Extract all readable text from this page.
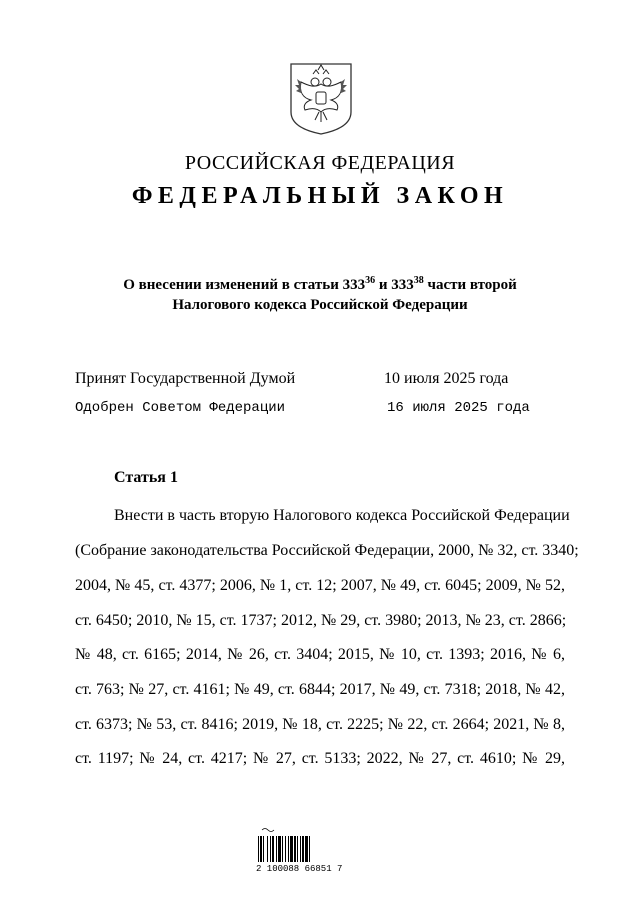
РОССИЙСКАЯ ФЕДЕРАЦИЯ
ФЕДЕРАЛЬНЫЙ ЗАКОН
О внесении изменений в статьи $333^{36}$ и $333^{38}$ части второй
Налогового кодекса Российской Федерации
Принят Государственной Думой	10 июля 2025 года
Одобрен Советом Федерации	16 июля 2025 года
Статья 1
Внести в часть вторую Налогового кодекса Российской Федерации
(Собрание законодательства Российской Федерации, 2000, № 32, ст. 3340;
2004, № 45, ст. 4377; 2006, № 1, ст. 12; 2007, № 49, ст. 6045; 2009, № 52,
ст. 6450; 2010, № 15, ст. 1737; 2012, № 29, ст. 3980; 2013, № 23, ст. 2866;
№ 48, ст. 6165; 2014, № 26, ст. 3404; 2015, № 10, ст. 1393; 2016, № 6,
ст. 763; № 27, ст. 4161; № 49, ст. 6844; 2017, № 49, ст. 7318; 2018, № 42,
ст. 6373; № 53, ст. 8416; 2019, № 18, ст. 2225; № 22, ст. 2664; 2021, № 8,
ст. 1197; № 24, ст. 4217; № 27, ст. 5133; 2022, № 27, ст. 4610; № 29,
2 100088 66851 7
